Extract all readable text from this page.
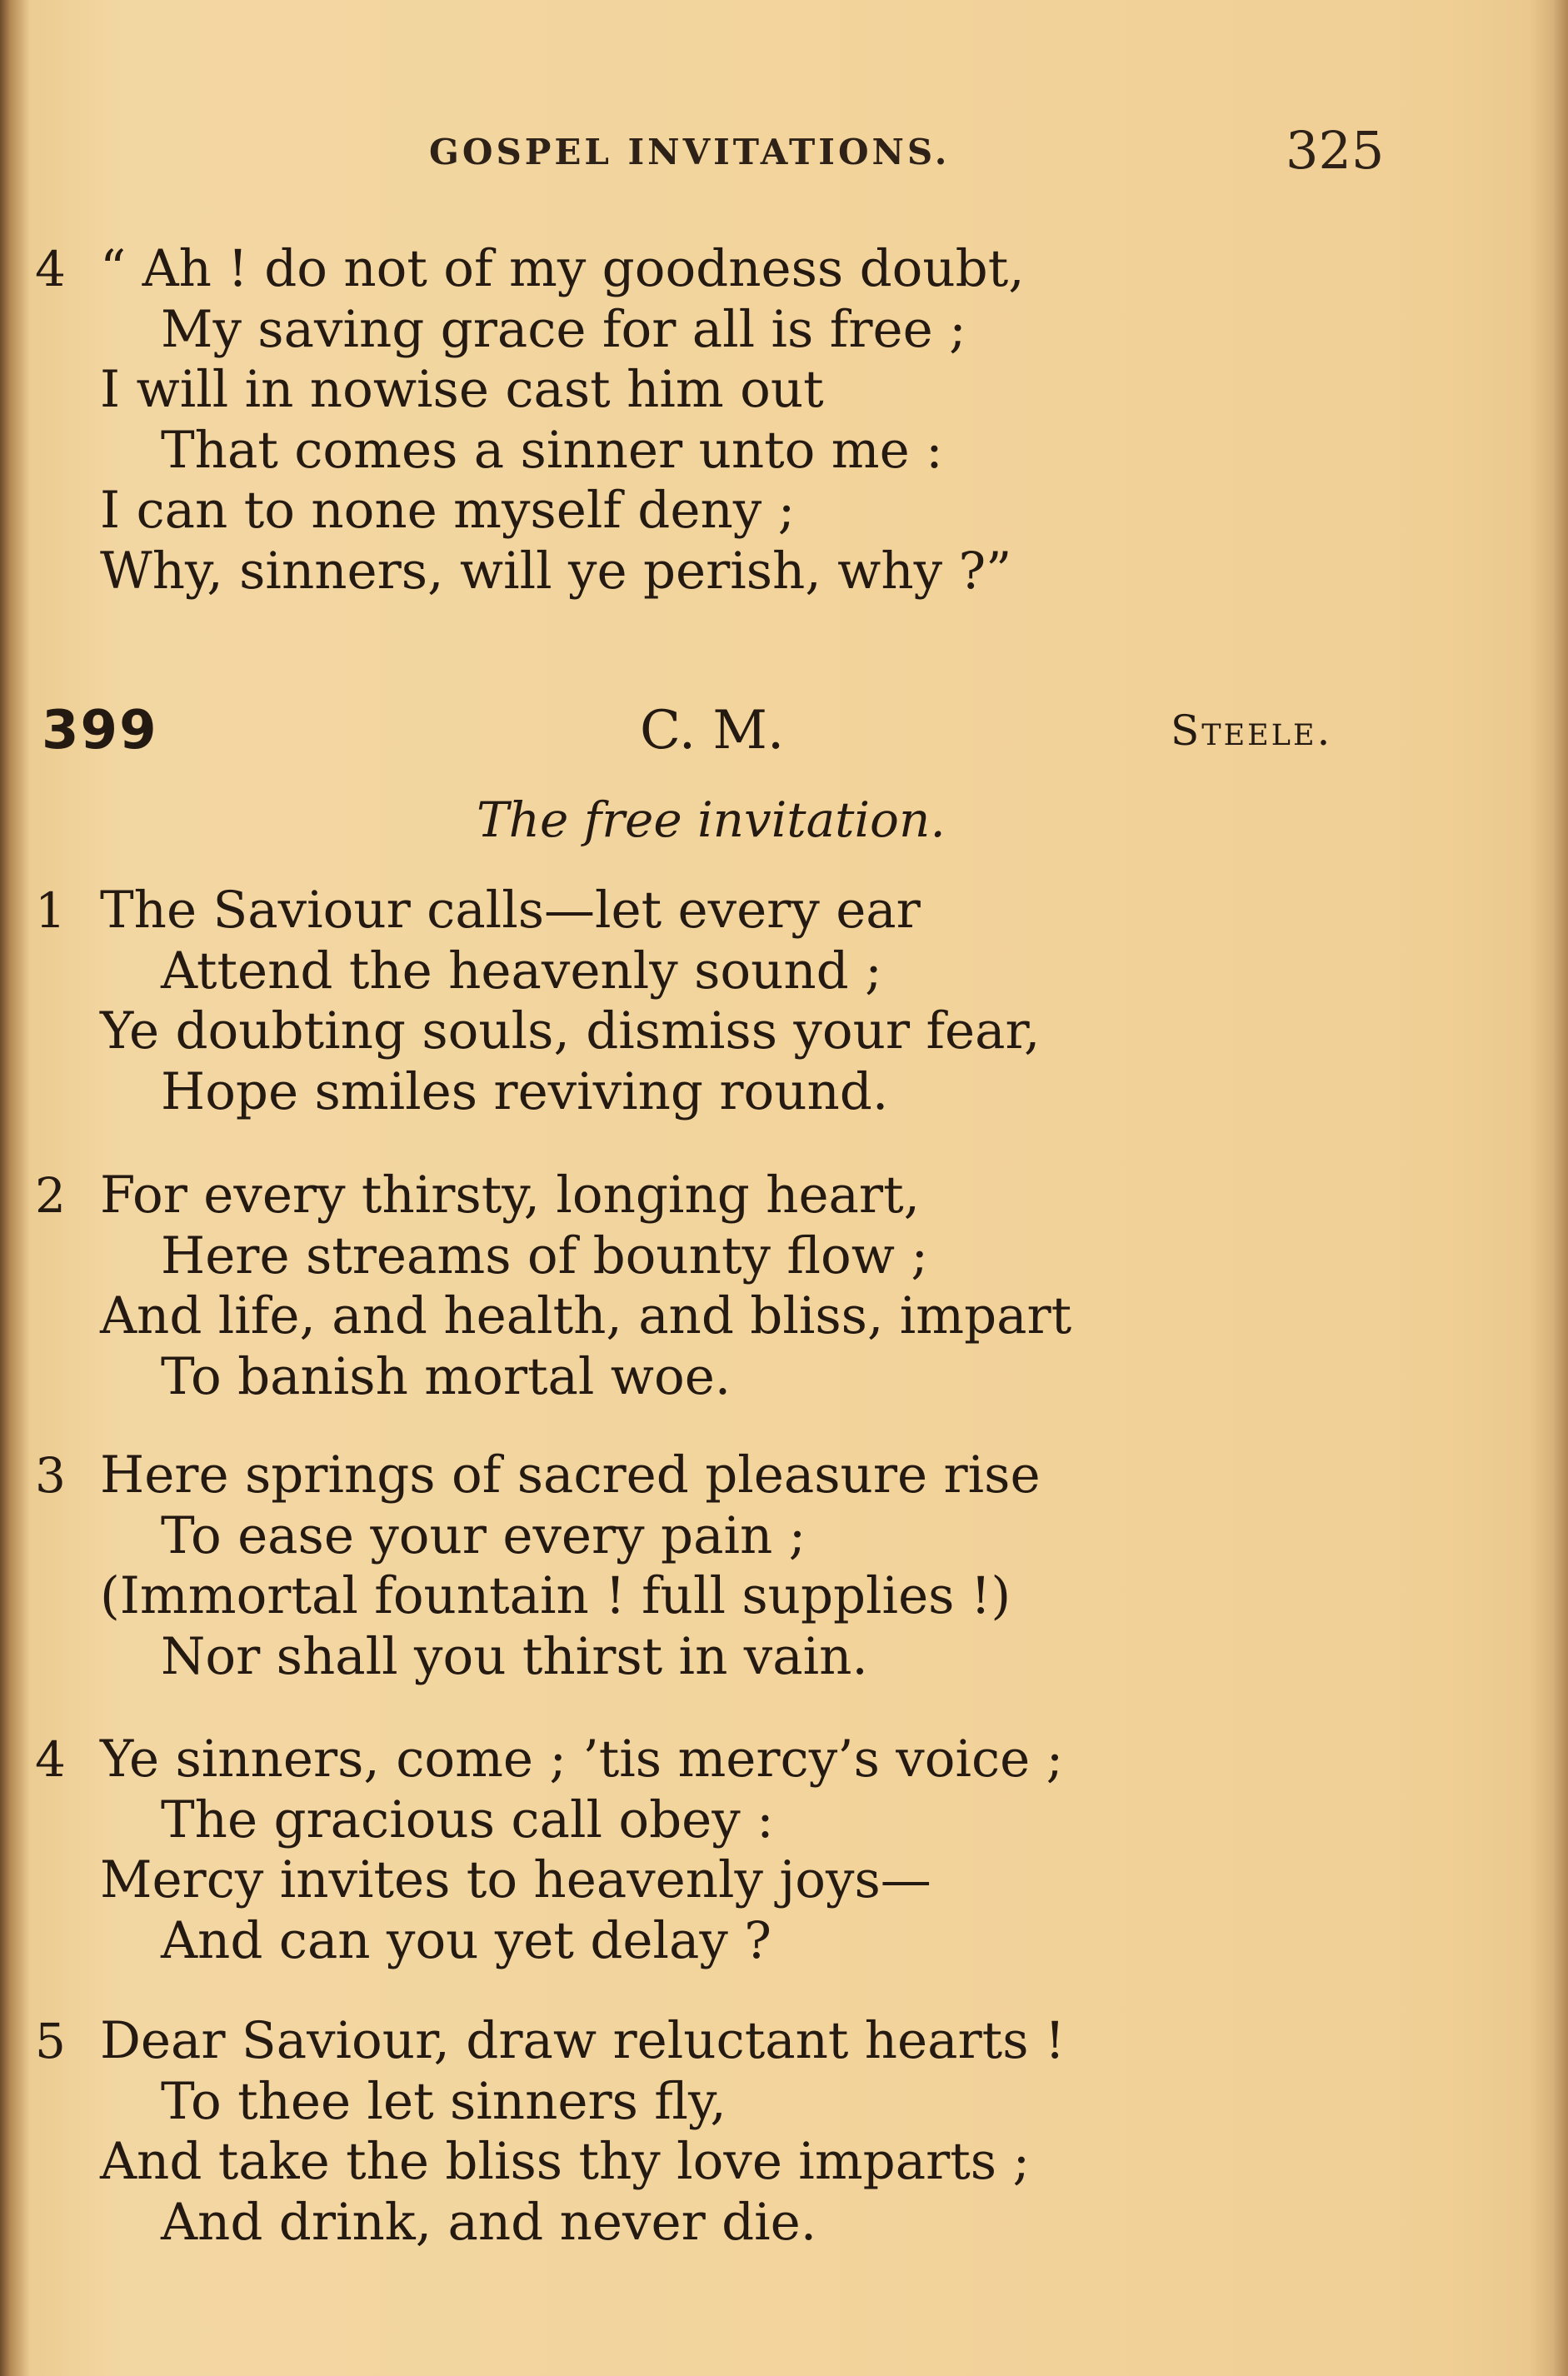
GOSPEL INVITATIONS.	325
4 “ Ah ! do not of my goodness doubt,
My saving grace for all is free ;
I will in nowise cast him out
That comes a sinner unto me :
I can to none myself deny ;
Why, sinners, will ye perish, why ?”
399	C. M.	Steele.
The free invitation.
1 The Saviour calls—let every ear
Attend the heavenly sound ;
Ye doubting souls, dismiss your fear,
Hope smiles reviving round.
2 For every thirsty, longing heart,
Here streams of bounty flow ;
And life, and health, and bliss, impart
To banish mortal woe.
3 Here springs of sacred pleasure rise
To ease your every pain ;
(Immortal fountain ! full supplies !)
Nor shall you thirst in vain.
4 Ye sinners, come ; ’tis mercy’s voice ;
The gracious call obey :
Mercy invites to heavenly joys—
And can you yet delay ?
5 Dear Saviour, draw reluctant hearts !
To thee let sinners fly,
And take the bliss thy love imparts ;
And drink, and never die.
